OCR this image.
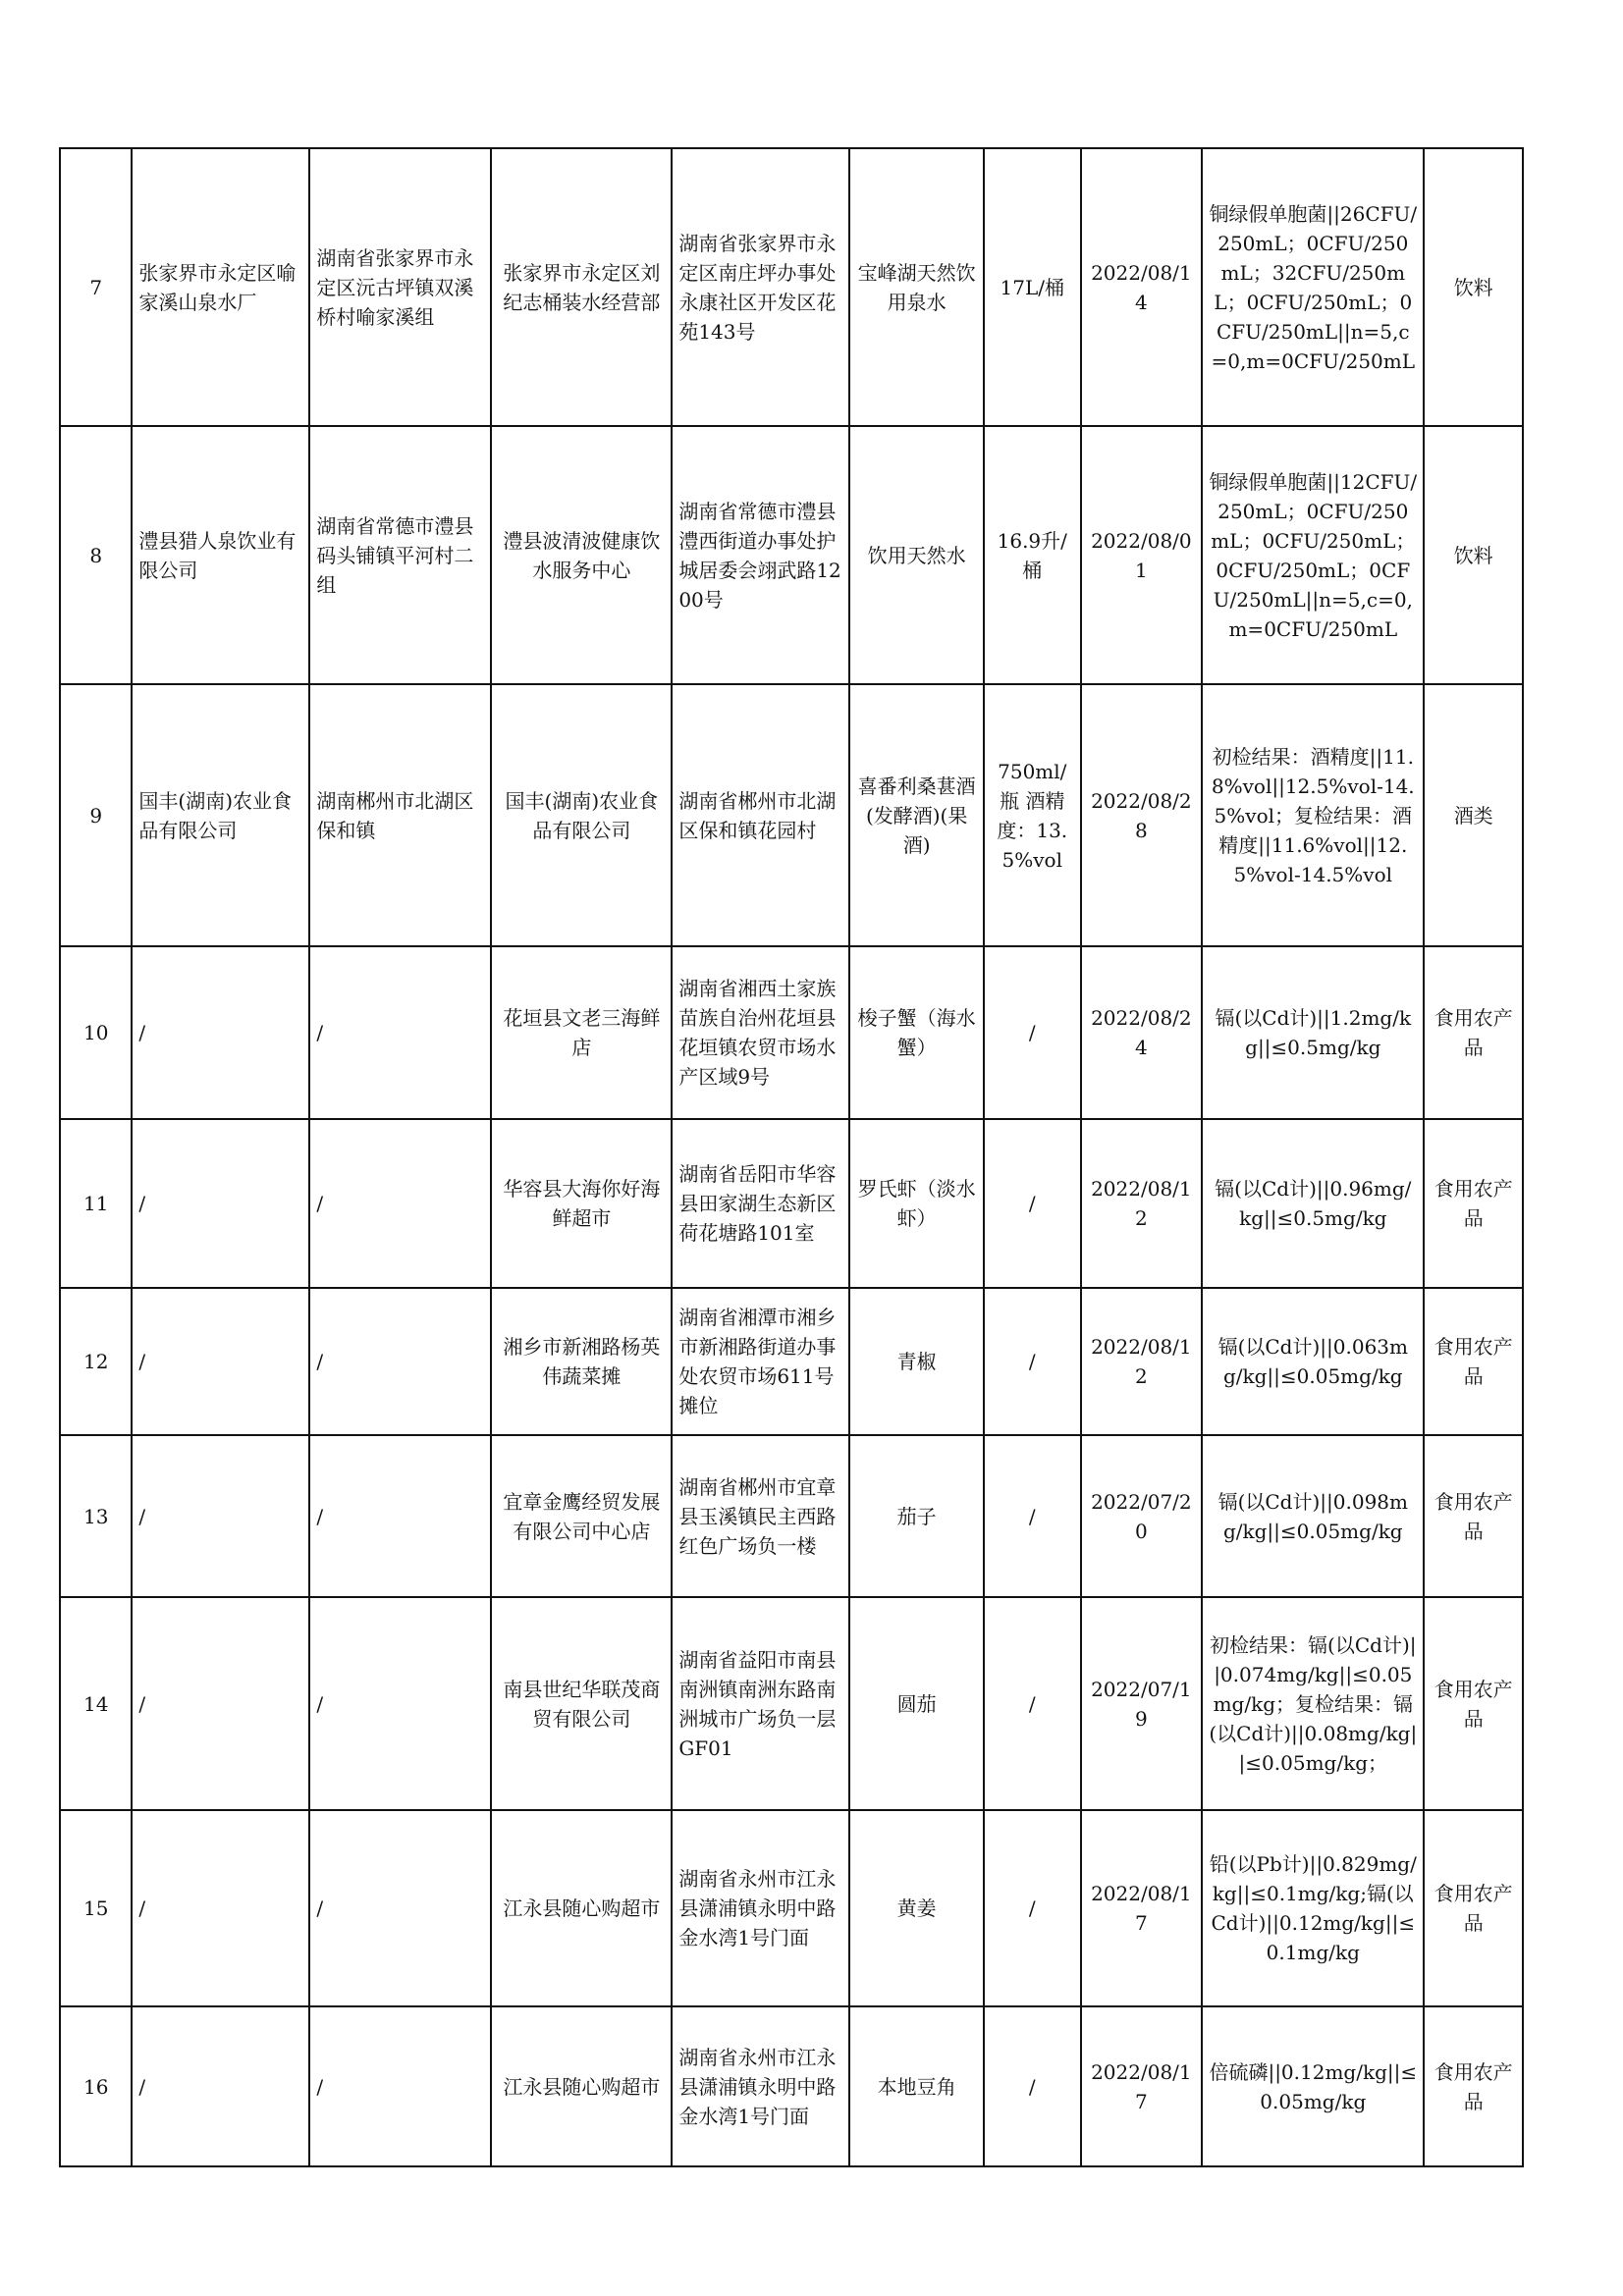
7	张家界市永定区喻家溪山泉水厂	湖南省张家界市永定区沅古坪镇双溪桥村喻家溪组	张家界市永定区刘纪志桶装水经营部	湖南省张家界市永定区南庄坪办事处永康社区开发区花苑143号	宝峰湖天然饮用泉水	17L/桶	2022/08/14	铜绿假单胞菌||26CFU/250mL；0CFU/250mL；32CFU/250mL；0CFU/250mL；0CFU/250mL||n=5,c=0,m=0CFU/250mL	饮料
8	澧县猎人泉饮业有限公司	湖南省常德市澧县码头铺镇平河村二组	澧县波清波健康饮水服务中心	湖南省常德市澧县澧西街道办事处护城居委会翊武路1200号	饮用天然水	16.9升/桶	2022/08/01	铜绿假单胞菌||12CFU/250mL；0CFU/250mL；0CFU/250mL；0CFU/250mL；0CFU/250mL||n=5,c=0,m=0CFU/250mL	饮料
9	国丰(湖南)农业食品有限公司	湖南郴州市北湖区保和镇	国丰(湖南)农业食品有限公司	湖南省郴州市北湖区保和镇花园村	喜番利桑葚酒(发酵酒)(果酒)	750ml/瓶 酒精度：13.5%vol	2022/08/28	初检结果：酒精度||11.8%vol||12.5%vol-14.5%vol；复检结果：酒精度||11.6%vol||12.5%vol-14.5%vol	酒类
10	/	/	花垣县文老三海鲜店	湖南省湘西土家族苗族自治州花垣县花垣镇农贸市场水产区域9号	梭子蟹（海水蟹）	/	2022/08/24	镉(以Cd计)||1.2mg/kg||≤0.5mg/kg	食用农产品
11	/	/	华容县大海你好海鲜超市	湖南省岳阳市华容县田家湖生态新区荷花塘路101室	罗氏虾（淡水虾）	/	2022/08/12	镉(以Cd计)||0.96mg/kg||≤0.5mg/kg	食用农产品
12	/	/	湘乡市新湘路杨英伟蔬菜摊	湖南省湘潭市湘乡市新湘路街道办事处农贸市场611号摊位	青椒	/	2022/08/12	镉(以Cd计)||0.063mg/kg||≤0.05mg/kg	食用农产品
13	/	/	宜章金鹰经贸发展有限公司中心店	湖南省郴州市宜章县玉溪镇民主西路红色广场负一楼	茄子	/	2022/07/20	镉(以Cd计)||0.098mg/kg||≤0.05mg/kg	食用农产品
14	/	/	南县世纪华联茂商贸有限公司	湖南省益阳市南县南洲镇南洲东路南洲城市广场负一层GF01	圆茄	/	2022/07/19	初检结果：镉(以Cd计)||0.074mg/kg||≤0.05mg/kg；复检结果：镉(以Cd计)||0.08mg/kg||≤0.05mg/kg；	食用农产品
15	/	/	江永县随心购超市	湖南省永州市江永县潇浦镇永明中路金水湾1号门面	黄姜	/	2022/08/17	铅(以Pb计)||0.829mg/kg||≤0.1mg/kg;镉(以Cd计)||0.12mg/kg||≤0.1mg/kg	食用农产品
16	/	/	江永县随心购超市	湖南省永州市江永县潇浦镇永明中路金水湾1号门面	本地豆角	/	2022/08/17	倍硫磷||0.12mg/kg||≤0.05mg/kg	食用农产品
